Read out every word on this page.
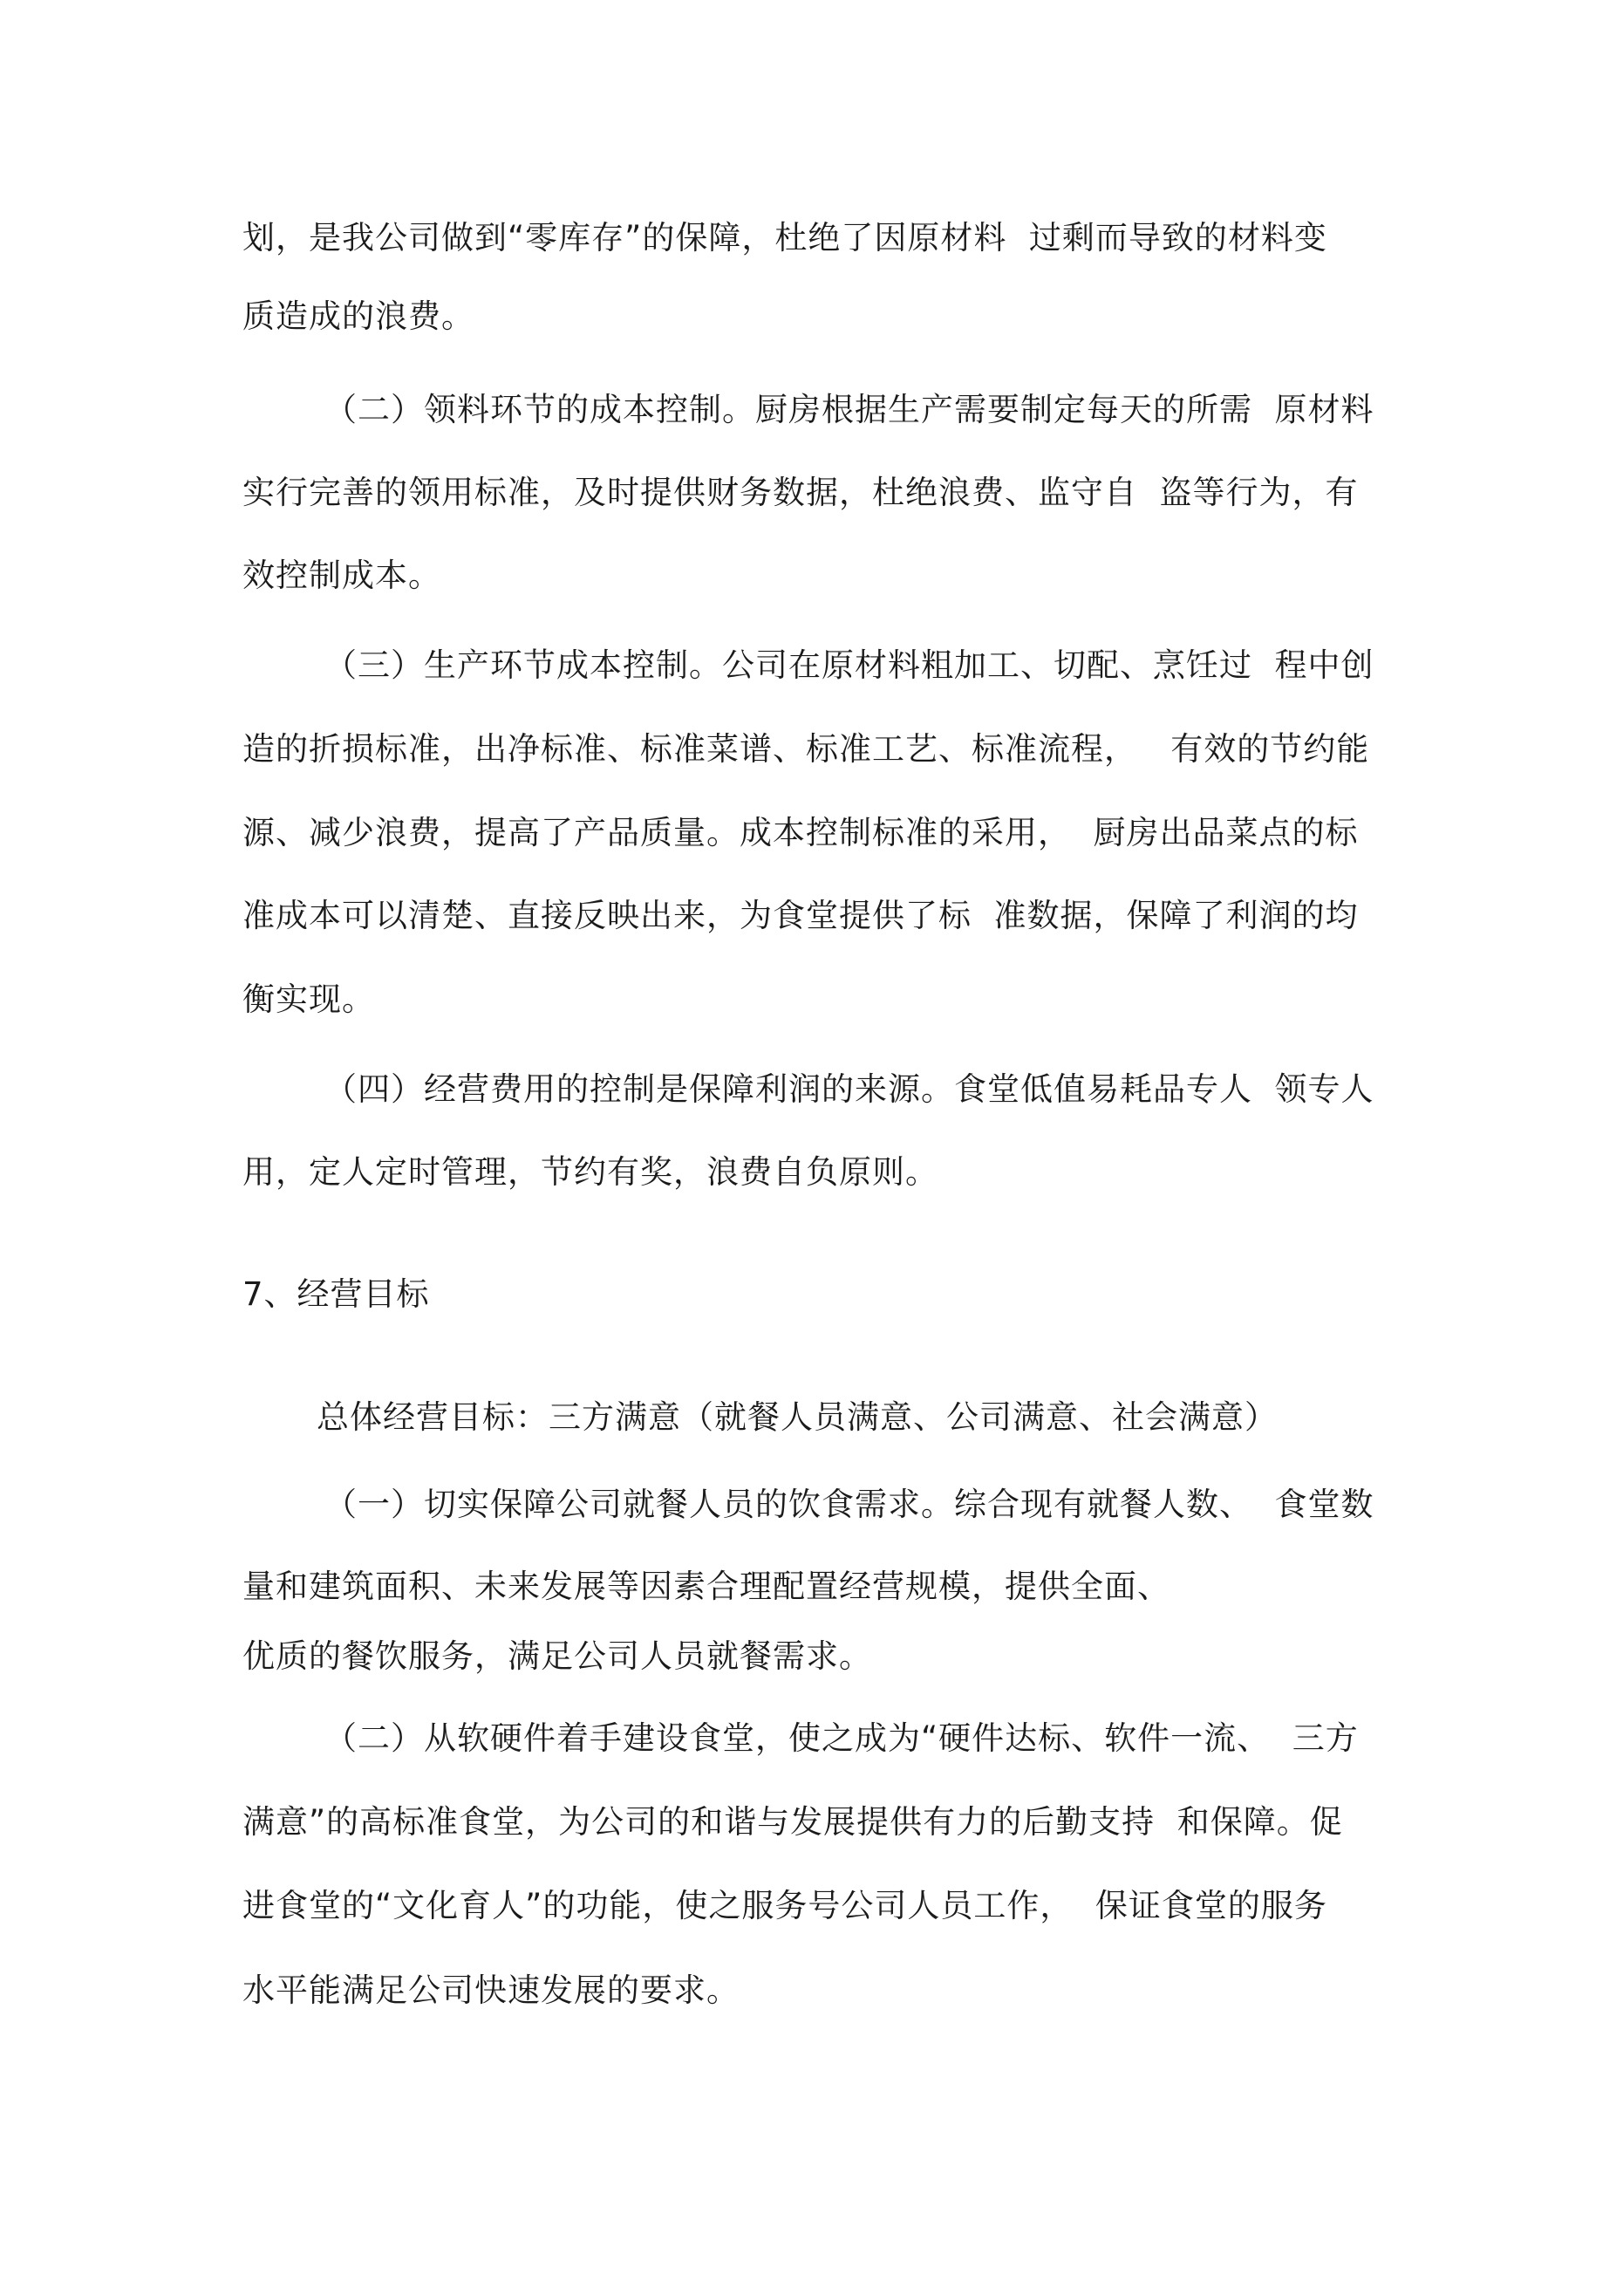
划，是我公司做到“零库存”的保障，杜绝了因原材料  过剩而导致的材料变
质造成的浪费。
（二）领料环节的成本控制。厨房根据生产需要制定每天的所需  原材料
实行完善的领用标准，及时提供财务数据，杜绝浪费、监守自  盗等行为，有
效控制成本。
（三）生产环节成本控制。公司在原材料粗加工、切配、烹饪过  程中创
造的折损标准，出净标准、标准菜谱、标准工艺、标准流程，   有效的节约能
源、减少浪费，提高了产品质量。成本控制标准的采用，  厨房出品菜点的标
准成本可以清楚、直接反映出来，为食堂提供了标  准数据，保障了利润的均
衡实现。
（四）经营费用的控制是保障利润的来源。食堂低值易耗品专人  领专人
用，定人定时管理，节约有奖，浪费自负原则。
7、经营目标
总体经营目标：三方满意（就餐人员满意、公司满意、社会满意）
（一）切实保障公司就餐人员的饮食需求。综合现有就餐人数、  食堂数
量和建筑面积、未来发展等因素合理配置经营规模，提供全面、
优质的餐饮服务，满足公司人员就餐需求。
（二）从软硬件着手建设食堂，使之成为“硬件达标、软件一流、  三方
满意”的高标准食堂，为公司的和谐与发展提供有力的后勤支持  和保障。促
进食堂的“文化育人”的功能，使之服务号公司人员工作，  保证食堂的服务
水平能满足公司快速发展的要求。
